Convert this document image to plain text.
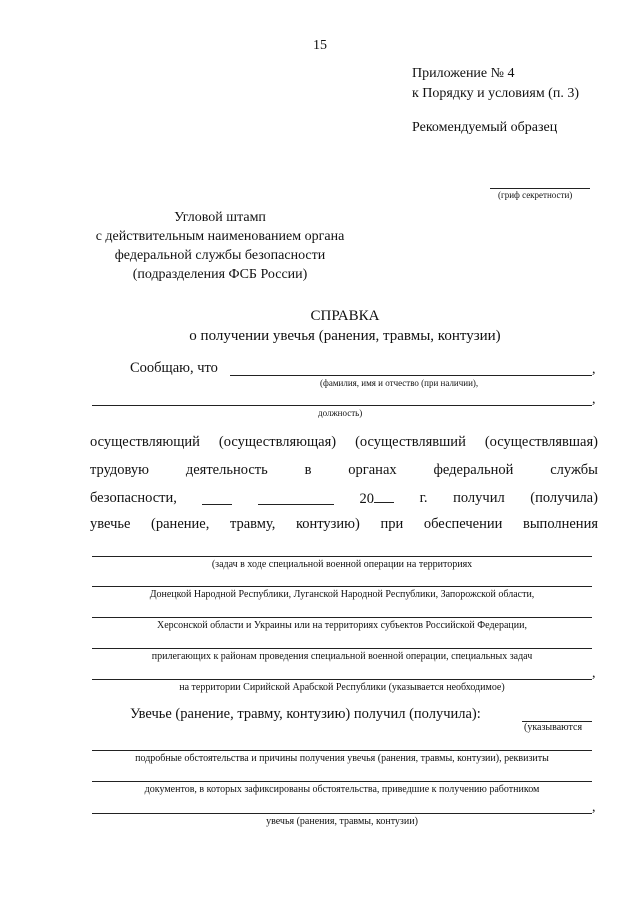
15
Приложение № 4
к Порядку и условиям (п. 3)
Рекомендуемый образец
(гриф секретности)
Угловой штамп
с действительным наименованием органа
федеральной службы безопасности
(подразделения ФСБ России)
СПРАВКА
о получении увечья (ранения, травмы, контузии)
Сообщаю, что	,
(фамилия, имя и отчество (при наличии),
,
должность)
осуществляющий (осуществляющая) (осуществлявший (осуществлявшая)
трудовую	деятельность	в	органах	федеральной	службы
безопасности,	20	г. получил (получила)
увечье (ранение, травму, контузию) при обеспечении выполнения
(задач в ходе специальной военной операции на территориях
Донецкой Народной Республики, Луганской Народной Республики, Запорожской области,
Херсонской области и Украины или на территориях субъектов Российской Федерации,
прилегающих к районам проведения специальной военной операции, специальных задач
,
на территории Сирийской Арабской Республики (указывается необходимое)
Увечье (ранение, травму, контузию) получил (получила):
(указываются
подробные обстоятельства и причины получения увечья (ранения, травмы, контузии), реквизиты
документов, в которых зафиксированы обстоятельства, приведшие к получению работником
,
увечья (ранения, травмы, контузии)
